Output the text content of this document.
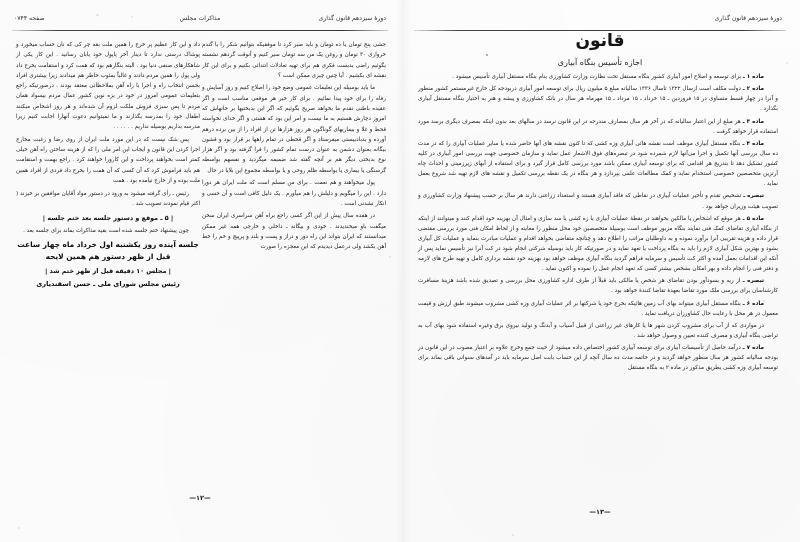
دورهٔ سیزدهم قانون گذاری
قانون
اجازه تأسیس بنگاه آبیاری

ماده ۱ ـ برای توسعه و اصلاح امور آبیاری کشور بنگاه مستقل تحت نظارت وزارت کشاورزی بنام بنگاه مستقل آبیاری تأسیس میشود .

ماده ۲ ـ دولت مکلف است ازسال ۱۳۲۲ تاسال ۱۳۳۶ سالیانه مبلغ ۵ میلیون ریال برای توسعه امور آبیاری دربودجه کل خارج غیرمستمر کشور منظور و آنرا در چهار قسط متساوی در ۱۵ فروردین ـ ۱۵ خرداد ـ ۱۵ مرداد ـ ۱۵ مهرماه هر سال در بانک کشاورزی و پیشه و هنر به اختیار بنگاه مستقل آبیاری بگذارد .

ماده ۳ ـ هر مبلغ از این اعتبار سالیانه که در آخر هر سال بمصارف مندرجه در این قانون نرسد در سالهای بعد بدون اینکه بمصرف دیگری برسد مورد استفاده قرار خواهد گرفت .

ماده ۴ ـ بنگاه مستقل آبیاری موظف است نقشه هائی آبیاری وزه کشی که تا کنون نقشه های آنها حاضر شده یا سایر عملیات آبیاری را که در مدت ده سال بررسی آنها تکمیل و اجرا می‌آنها لازم شمرده شود در تبصره‌های فوق الاشعار عمل نماید و سازمان خصوصی جهت بررسی امور آبیاری در کلیه کشور تشکیل دهد تا بتدریج هر اقدامی که برای توسعه آبیاری ممکن باشد مورد بررسی کامل قرار گیرد و برای استفاده از آبهای زیرزمینی و احداث چاه آرتزین متخصصین خصوصی استخدام نماید و کمک مطالعات علمی بپردازد و هر بنگاه در یک نقطه بررسی تکمیل و نقشه های لازم تهیه شد شروع بعمل نماید .

تبصره ـ تشخیص تقدم و تأخیر عملیات آبیاری در نقاطی که فاقد آبیاری هستند و استعداد زراعتی دارند هر سال بر حسب پیشنهاد وزارت کشاورزی و تصویب هیئت وزیران خواهد بود .

ماده ۵ ـ هر موقع که اشخاص یا مالکین بخواهند در نقطهٔ عملیات آبیاری یا زه کشی یا سد سازی و امثال آن بهزینه خود اقدام کنند و میتوانند از اینکه از بنگاه آبیاری تقاضای کمک فنی نمایند بنگاه مزبور موظف است بوسیلهٔ متخصصین خود محل منظور را معاینه و از لحاظ امکان فنی مورد بررسی مقتضی قرار داده و هزینه تقریبی آنرا برآورد نموده و به داوطلبان مراتب را اطلاع دهد و چنانچه متقاضی بخواهد اقدام و عملیات مبادرت بنماید و عملیات کل آبیاری بشود و بهترین شکل آبیاری لازم را باید به بنگاه پرداخت یا تعهد نماید و در صورتیکه کار باید بوسیله شرکتی انجام شود در کت آنرا نیز تأسیس نماید پس از آنکه این اقدامات بعمل آمده و اکثر کت تأسیس و سرمایه فراهم گردید بنگاه آبیاری موظف خواهد بود بهزینه خود نقشه برداری کامل و تهیه طرح های لازمه و دفتر فنی را انجام داده و بهر امکان بشخص بیشتر کسی که تعهد انجام عمل را نموده و اکنون نماید .

تبصره ـ از ریه و بسودآور بودن تقاضای هر شخص یا مالکی باید قبلاً از طرف اداره کشاورزی محل بررسی و تصدیق شده باشد هزینهٔ مسافرت کارشناسان برای بررسی ملک مورد تقاضا بعهدهٔ تقاضا کنندهٔ خواهد بود .

ماده ۶ ـ بنگاه مستقل آبیاری میتواند بهای آب زمین هائیکه بخرج خود یا شرکتها بر اثر عملیات آبیاری وزه کشی مشروب میشوند طبق ارزش و قیمت معمول در هر محل با رعایت حال کشاورزان دریافت نماید .

در مواردی که از آب برای مشروب کردن شهر ها یا کارهای غیر زراعتی از قبیل آسیاب و آبدنگ و تولید نیروی برق وغیره استفاده شود بهای آب به تراضی بنگاه آبیاری و مصرف کننده تعیین و وصول خواهد شد .

ماده ۷ ـ درآمد حاصل از تأسیسات آبیاری برای توسعه آبیاری کشور اختصاص داده میشود از حیث جمع وخرج علاوه بر اعتبار مصوب در این قانون در بودجه سالیانه کشور هر سال منظور خواهد گردید و در خاتمه مدت ده سال آنچه از این حساب بابت اصل سرمایه باید در آمدهای سنوانی باقی بماند برای توسعه آبیاری وزه کشی بطریق مذکور در ماده ۲ به بنگاه مستقل

—۱۳—
دورهٔ سیزدهم قانون گذاری
مذاکرات مجلس
صفحه ۰۷۴۴

جشی پنج تومان یا ده تومان و باید صبر کرد تا موفقیکه بتوانیم شکر را یا گندم خرواری ۳۰ تومان و روغن یک من سه تومان سیر کنیم و آنوقت گردهم نشسته بگوئیم راضی بدبست فکری هم برای تهیه تعادلات انتدائی بکنیم و برای این کار نقشه ای بکشیم . آیا چنین چیزی ممکن است ؟

ما باید بوسیله این تعلیمات عمومی وضع خود را اصلاح کنیم و روز آسایش و رفاه را برای خود پیدا نمائیم . برای کار خیر هر موقعی مناسب است و اگر عقیده باطنی نقدم ما بخواهد صریح بگوئیم که اگر این بدبختیها بر خانهاش که امروز دچارش هستیم به ما نیست و امر این بود که هستی و اگر خدای نخواسته قحط و غلا و بیماریهای گوناگون هر روز هزارها تن از افراد را از بین برده درهم آورده و بدبادبیستی میفرستاد و اگر قحطی در تمام راهها بر قرار بود و قشون بیگانه بعنوان دشمن به عنوان درست تمام کشور را فرا گرفته بود و اگر هزار نوع بدبختی دیگر هم بر آنچه گفته شد ضمیمه میگردید و نفسهم بواسطه گرسنگی یا بیماری یا بواسطه ظلم روحی و یا بواسطه مجموع این بلایا در حال

پول میخواهند و هم نعمت . برای من مسلم است که ملت ایران هر دورا دارد . این را میگویم و دلیلش را هم میآورم . یک دلیل کافی است و آن حسی و انکار نشدنی است .

در هفده سال پیش از این اگر کسی راجع براه آهن سراسری ایران سخن میگفت باو میخندیدند . خودی و بیگانه ـ داخلی و خارجی همه غیر ممکن میدانستند که ایران بتواند این راه دور و دراز و پست و بلند و پرپیچ و خم را خط آهن بکشد ولی درعمل دیدیدم که این معجزه را صورت

داد و این کار عظیم پر خرج را همین ملت بقه چر کی که نان حساب میخورد و پوشاک درستی ندارد تا دینار آخر پاپول خود یابان رسانید . این کار یکی از شاهکارهای صنفی دنیا بود . البته بنگارهم بود که همت کرد و استقامت بخرج داد ولی پول را همین مردم دادند و غالباً بمئوب خاطر هم میدادند زیرا بیشتری افراد بحسن انتخاب راه و اجرا با راه آهن بملاحظاتی معتقد بودند . درصورتیکه راجع بتعلیمات عمومی امروز در خود در بزه نوین کشور عمال مردم بیسواد همان مردم تا پس سبزی فروش ملکت لزوم آن شده‌اند و هر روز اشخاص میکنند اطفال خود را بمدرسه بگذارند و ما نمیتوانیم دعوت آنهارا اجابت کنیم زیرا مدرسه بداریم بوسیله نداریم . . . . . .

پس شک نیست که در این مورد ملت ایران از روی رضا و رغبت مخارج اجرا کردن این قانون و ایجاب این امر ملی را که از هزینه ساختن راه آهن خیلی کمتر است بخواهند پرداخت و این کارورا خواهند کرد . راجع بهمت و استقامت هم باید فراموش کرد که آن کسی که آن همت را بخرج داد فردی از افراد همین ملت بوده و از خارج نیامده بود . همت

رئیس ـ رأی گرفته میشود به ورود در دستور مواد آقایان موافقین بر خیزند ( اکثر قیام نمودند تصویب شد .

| ۵ ـ موقع و دستور جلسه بعد ختم جلسه |

چون پیشنهاد ختم جلسه شده است بقیه مذاکرات بماند برای جلسه بعد .

جلسه آینده روز یکشنبه اول خرداد ماه چهار ساعت قبل از ظهر دستور هم همین لایحه

| مجلس ۱۰ دقیقه قبل از ظهر ختم شد |

رئیس مجلس شورای ملی ـ حسن اسفندیاری

—۱۲—
